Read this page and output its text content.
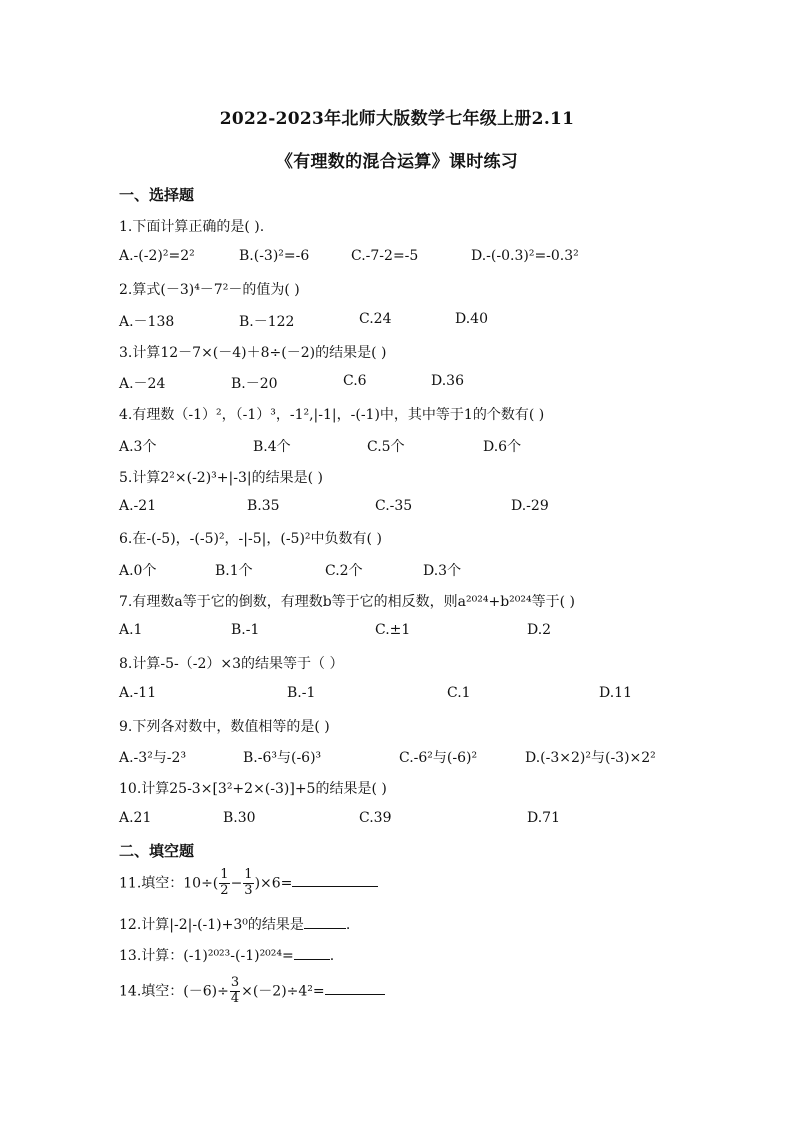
2022-2023年北师大版数学七年级上册2.11
《有理数的混合运算》课时练习
一、选择题
1.下面计算正确的是( ).
A.-(-2)²=2²	B.(-3)²=-6	C.-7-2=-5	D.-(-0.3)²=-0.3²
2.算式(－3)⁴－7²－的值为( )
A.－138	B.－122	C.24	D.40
3.计算12－7×(－4)＋8÷(－2)的结果是( )
A.－24	B.－20	C.6	D.36
4.有理数（-1）²，（-1）³，-1²,|-1|，-(-1)中，其中等于1的个数有( )
A.3个	B.4个	C.5个	D.6个
5.计算2²×(-2)³+|-3|的结果是( )
A.-21	B.35	C.-35	D.-29
6.在-(-5)，-(-5)²，-|-5|，(-5)²中负数有( )
A.0个	B.1个	C.2个	D.3个
7.有理数a等于它的倒数，有理数b等于它的相反数，则a²⁰²⁴+b²⁰²⁴等于( )
A.1	B.-1	C.±1	D.2
8.计算-5-（-2）×3的结果等于（ ）
A.-11	B.-1	C.1	D.11
9.下列各对数中，数值相等的是( )
A.-3²与-2³	B.-6³与(-6)³	C.-6²与(-6)²	D.(-3×2)²与(-3)×2²
10.计算25-3×[3²+2×(-3)]+5的结果是( )
A.21	B.30	C.39	D.71
二、填空题
11.填空：$10\div( \frac{1}{2} - \frac{1}{3} )\times 6=$
12.计算|-2|-(-1)+3⁰的结果是	.
13.计算：(-1)²⁰²³-(-1)²⁰²⁴=	.
14.填空：$(-6)\div \frac{3}{4} \times(-2)\div 4^2=$
